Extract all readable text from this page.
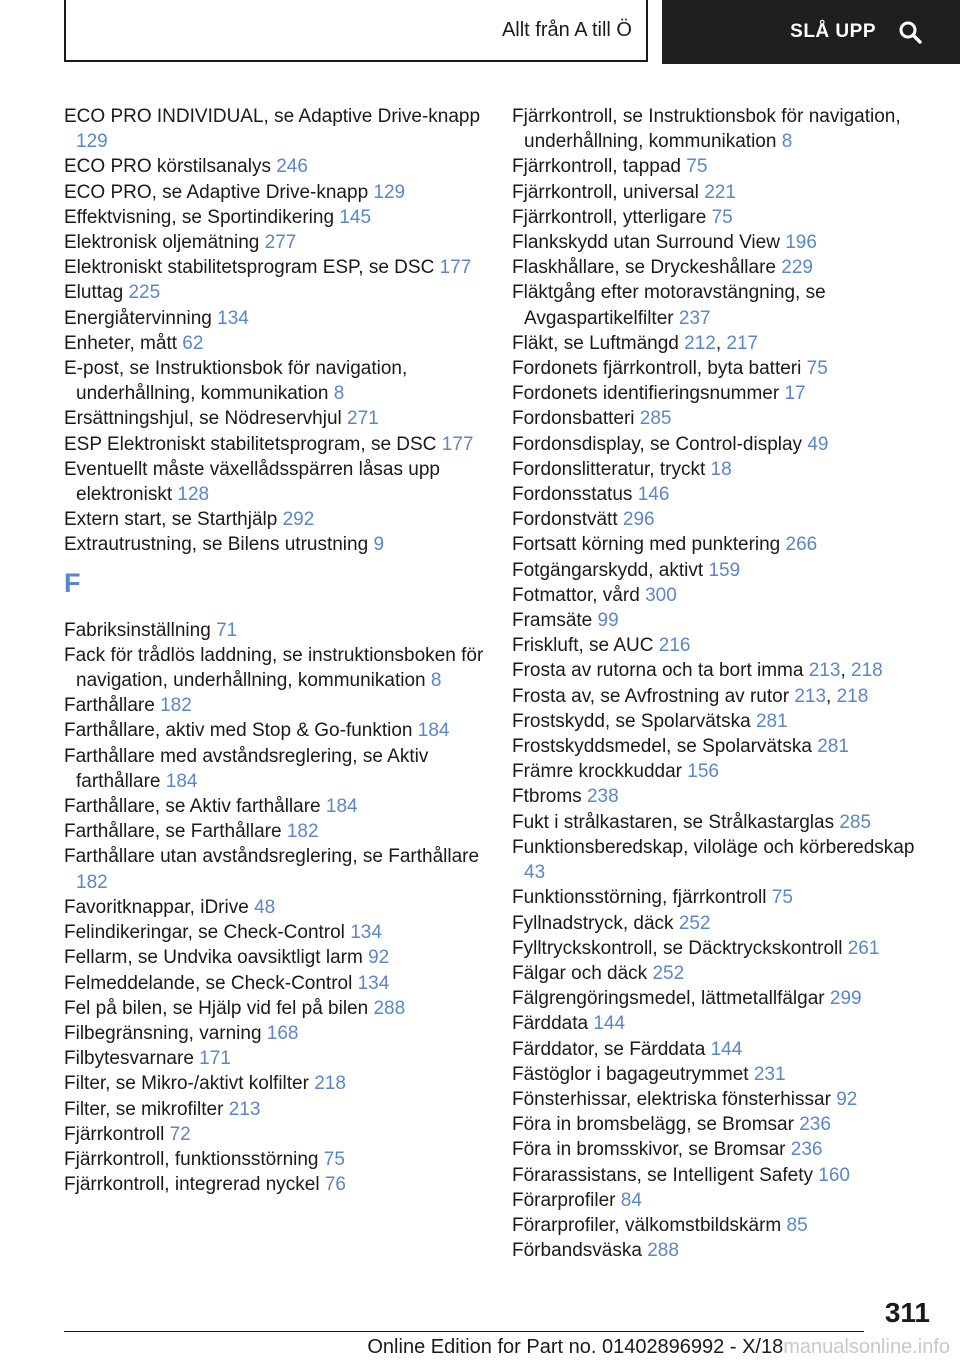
Allt från A till Ö	SLÅ UPP
ECO PRO INDIVIDUAL, se Adaptive Drive-knapp 129
ECO PRO körstilsanalys 246
ECO PRO, se Adaptive Drive-knapp 129
Effektvisning, se Sportindikering 145
Elektronisk oljemätning 277
Elektroniskt stabilitetsprogram ESP, se DSC 177
Eluttag 225
Energiåtervinning 134
Enheter, mått 62
E-post, se Instruktionsbok för navigation, underhållning, kommunikation 8
Ersättningshjul, se Nödreservhjul 271
ESP Elektroniskt stabilitetsprogram, se DSC 177
Eventuellt måste växellådsspärren låsas upp elektroniskt 128
Extern start, se Starthjälp 292
Extrautrustning, se Bilens utrustning 9
F
Fabriksinställning 71
Fack för trådlös laddning, se instruktionsboken för navigation, underhållning, kommunikation 8
Farthållare 182
Farthållare, aktiv med Stop & Go-funktion 184
Farthållare med avståndsreglering, se Aktiv farthållare 184
Farthållare, se Aktiv farthållare 184
Farthållare, se Farthållare 182
Farthållare utan avståndsreglering, se Farthållare 182
Favoritknappar, iDrive 48
Felindikeringar, se Check-Control 134
Fellarm, se Undvika oavsiktligt larm 92
Felmeddelande, se Check-Control 134
Fel på bilen, se Hjälp vid fel på bilen 288
Filbegränsning, varning 168
Filbytesvarnare 171
Filter, se Mikro-/aktivt kolfilter 218
Filter, se mikrofilter 213
Fjärrkontroll 72
Fjärrkontroll, funktionsstörning 75
Fjärrkontroll, integrerad nyckel 76
Fjärrkontroll, se Instruktionsbok för navigation, underhållning, kommunikation 8
Fjärrkontroll, tappad 75
Fjärrkontroll, universal 221
Fjärrkontroll, ytterligare 75
Flankskydd utan Surround View 196
Flaskhållare, se Dryckeshållare 229
Fläktgång efter motoravstängning, se Avgaspartikelfilter 237
Fläkt, se Luftmängd 212, 217
Fordonets fjärrkontroll, byta batteri 75
Fordonets identifieringsnummer 17
Fordonsbatteri 285
Fordonsdisplay, se Control-display 49
Fordonslitteratur, tryckt 18
Fordonsstatus 146
Fordonstvätt 296
Fortsatt körning med punktering 266
Fotgängarskydd, aktivt 159
Fotmattor, vård 300
Framsäte 99
Friskluft, se AUC 216
Frosta av rutorna och ta bort imma 213, 218
Frosta av, se Avfrostning av rutor 213, 218
Frostskydd, se Spolarvätska 281
Frostskyddsmedel, se Spolarvätska 281
Främre krockkuddar 156
Ftbroms 238
Fukt i strålkastaren, se Strålkastarglas 285
Funktionsberedskap, viloläge och körberedskap 43
Funktionsstörning, fjärrkontroll 75
Fyllnadstryck, däck 252
Fylltryckskontroll, se Däcktryckskontroll 261
Fälgar och däck 252
Fälgrengöringsmedel, lättmetallfälgar 299
Färddata 144
Färddator, se Färddata 144
Fästöglor i bagageutrymmet 231
Fönsterhissar, elektriska fönsterhissar 92
Föra in bromsbelägg, se Bromsar 236
Föra in bromsskivor, se Bromsar 236
Förarassistans, se Intelligent Safety 160
Förarprofiler 84
Förarprofiler, välkomstbildskärm 85
Förbandsväska 288
311
Online Edition for Part no. 01402896992 - X/18manualsonline.info
